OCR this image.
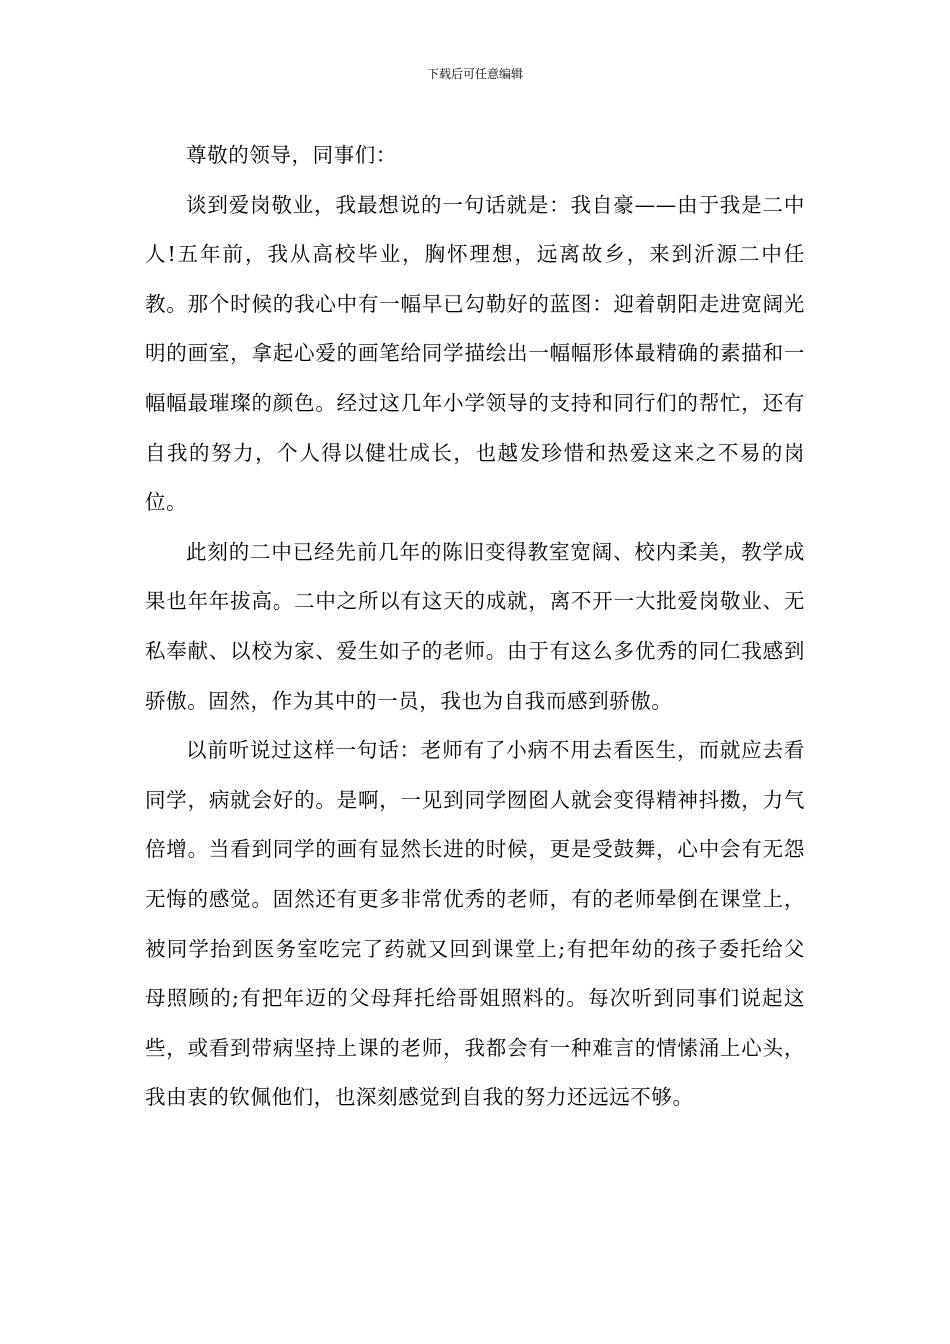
下载后可任意编辑

尊敬的领导，同事们：

谈到爱岗敬业，我最想说的一句话就是：我自豪——由于我是二中人!五年前，我从高校毕业，胸怀理想，远离故乡，来到沂源二中任教。那个时候的我心中有一幅早已勾勒好的蓝图：迎着朝阳走进宽阔光明的画室，拿起心爱的画笔给同学描绘出一幅幅形体最精确的素描和一幅幅最璀璨的颜色。经过这几年小学领导的支持和同行们的帮忙，还有自我的努力，个人得以健壮成长，也越发珍惜和热爱这来之不易的岗位。

此刻的二中已经先前几年的陈旧变得教室宽阔、校内柔美，教学成果也年年拔高。二中之所以有这天的成就，离不开一大批爱岗敬业、无私奉献、以校为家、爱生如子的老师。由于有这么多优秀的同仁我感到骄傲。固然，作为其中的一员，我也为自我而感到骄傲。

以前听说过这样一句话：老师有了小病不用去看医生，而就应去看同学，病就会好的。是啊，一见到同学囫囵人就会变得精神抖擞，力气倍增。当看到同学的画有显然长进的时候，更是受鼓舞，心中会有无怨无悔的感觉。固然还有更多非常优秀的老师，有的老师晕倒在课堂上，被同学抬到医务室吃完了药就又回到课堂上;有把年幼的孩子委托给父母照顾的;有把年迈的父母拜托给哥姐照料的。每次听到同事们说起这些，或看到带病坚持上课的老师，我都会有一种难言的情愫涌上心头，我由衷的钦佩他们，也深刻感觉到自我的努力还远远不够。
